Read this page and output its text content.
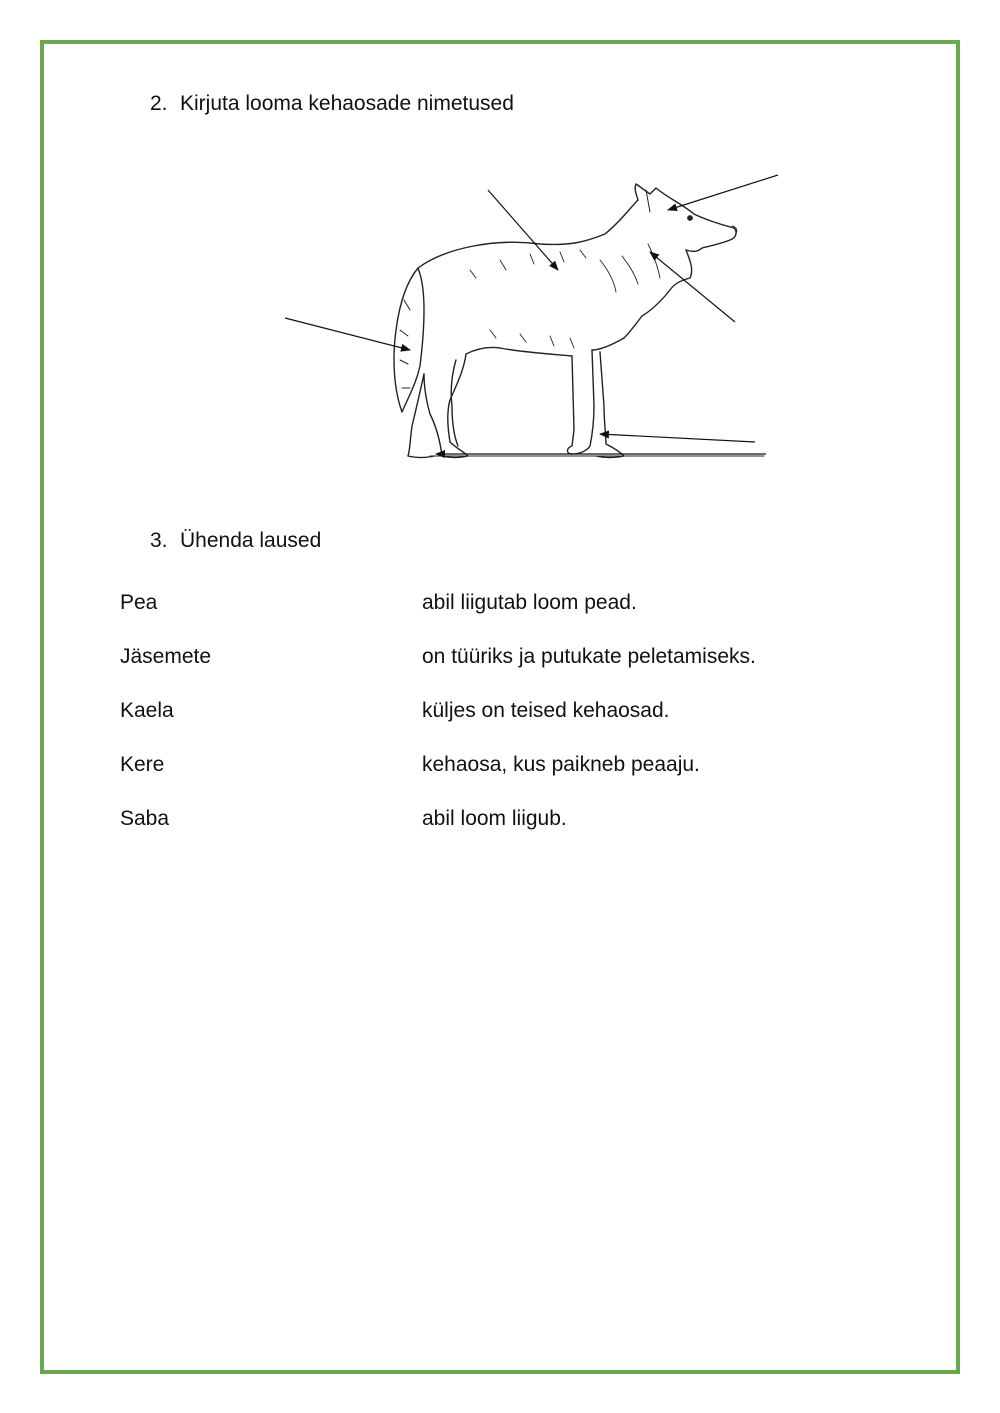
2. Kirjuta looma kehaosade nimetused
3. Ühenda laused
Pea	abil liigutab loom pead.
Jäsemete	on tüüriks ja putukate peletamiseks.
Kaela	küljes on teised kehaosad.
Kere	kehaosa, kus paikneb peaaju.
Saba	abil loom liigub.
